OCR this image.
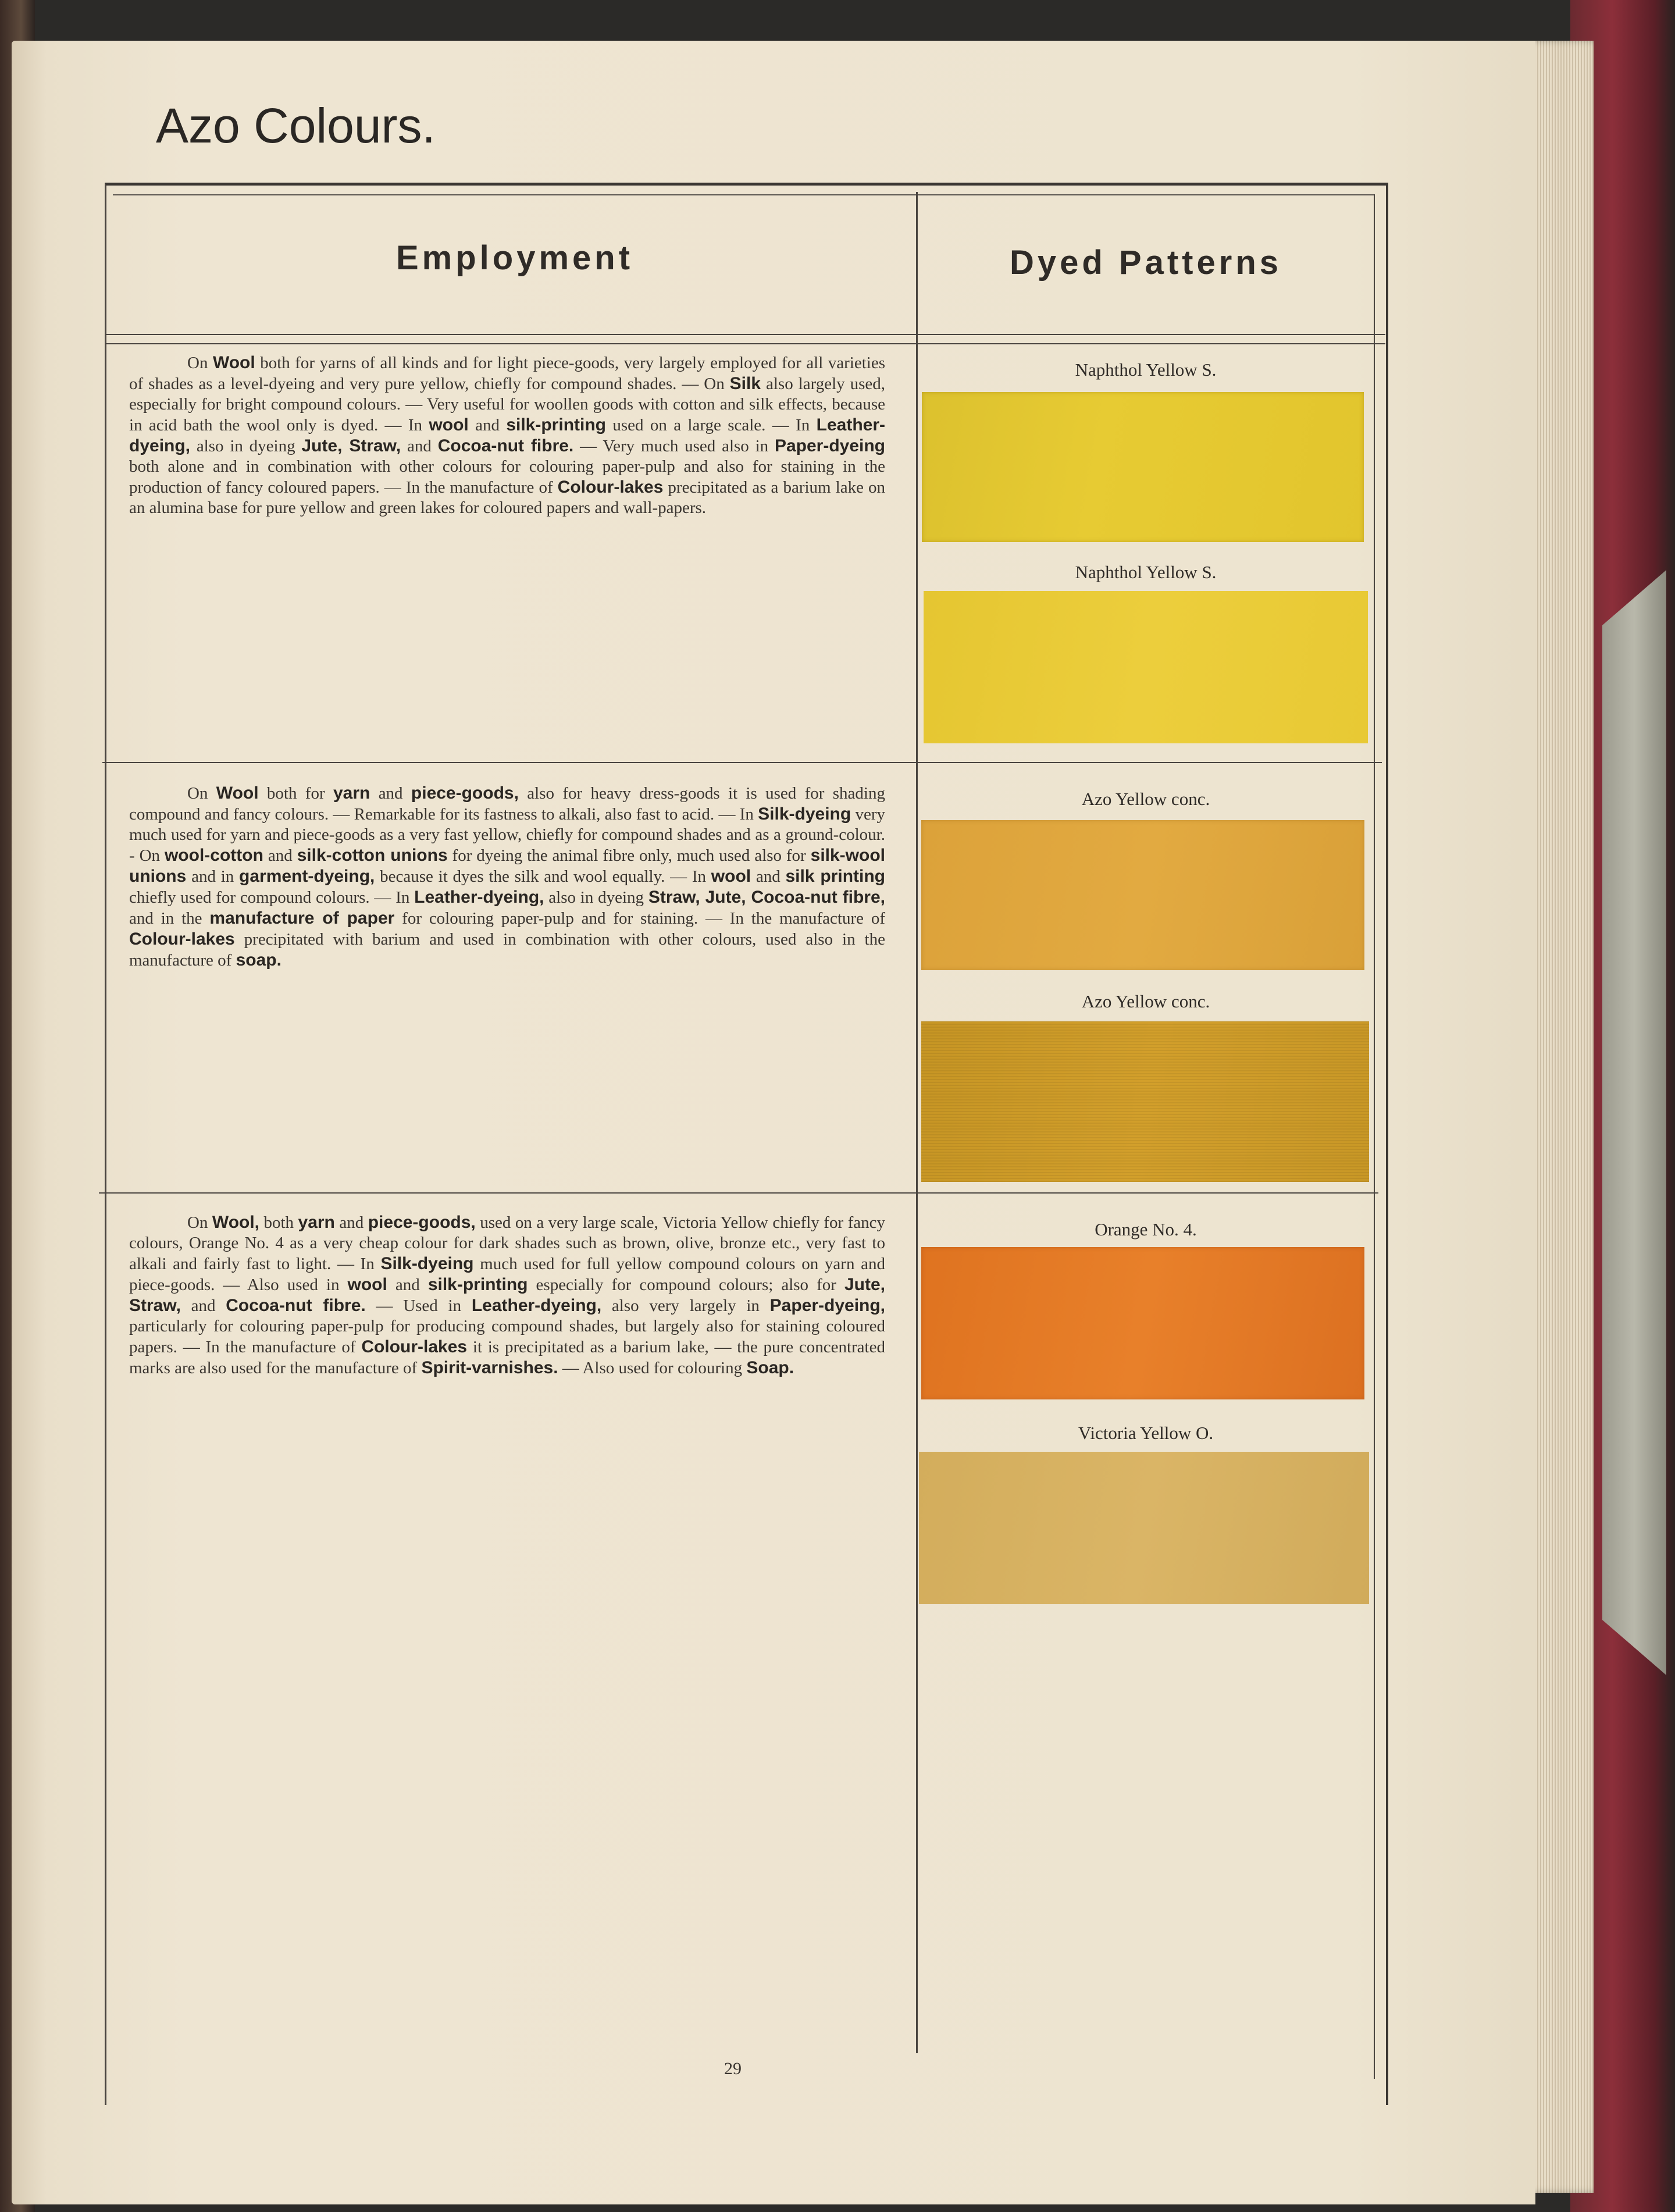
Azo Colours.
Employment	Dyed Patterns

On Wool both for yarns of all kinds and for light piece-goods, very largely employed for all varieties of shades as a level-dyeing and very pure yellow, chiefly for compound shades. — On Silk also largely used, especially for bright compound colours. — Very useful for woollen goods with cotton and silk effects, because in acid bath the wool only is dyed. — In wool and silk-printing used on a large scale. — In Leather-dyeing, also in dyeing Jute, Straw, and Cocoa-nut fibre. — Very much used also in Paper-dyeing both alone and in combination with other colours for colouring paper-pulp and also for staining in the production of fancy coloured papers. — In the manufacture of Colour-lakes precipitated as a barium lake on an alumina base for pure yellow and green lakes for coloured papers and wall-papers.

Naphthol Yellow S.

Naphthol Yellow S.

On Wool both for yarn and piece-goods, also for heavy dress-goods it is used for shading compound and fancy colours. — Remarkable for its fastness to alkali, also fast to acid. — In Silk-dyeing very much used for yarn and piece-goods as a very fast yellow, chiefly for compound shades and as a ground-colour. - On wool-cotton and silk-cotton unions for dyeing the animal fibre only, much used also for silk-wool unions and in garment-dyeing, because it dyes the silk and wool equally. — In wool and silk printing chiefly used for compound colours. — In Leather-dyeing, also in dyeing Straw, Jute, Cocoa-nut fibre, and in the manufacture of paper for colouring paper-pulp and for staining. — In the manufacture of Colour-lakes precipitated with barium and used in combination with other colours, used also in the manufacture of soap.

Azo Yellow conc.

Azo Yellow conc.

On Wool, both yarn and piece-goods, used on a very large scale, Victoria Yellow chiefly for fancy colours, Orange No. 4 as a very cheap colour for dark shades such as brown, olive, bronze etc., very fast to alkali and fairly fast to light. — In Silk-dyeing much used for full yellow compound colours on yarn and piece-goods. — Also used in wool and silk-printing especially for compound colours; also for Jute, Straw, and Cocoa-nut fibre. — Used in Leather-dyeing, also very largely in Paper-dyeing, particularly for colouring paper-pulp for producing compound shades, but largely also for staining coloured papers. — In the manufacture of Colour-lakes it is precipitated as a barium lake, — the pure concentrated marks are also used for the manufacture of Spirit-varnishes. — Also used for colouring Soap.

Orange No. 4.

Victoria Yellow O.

29
